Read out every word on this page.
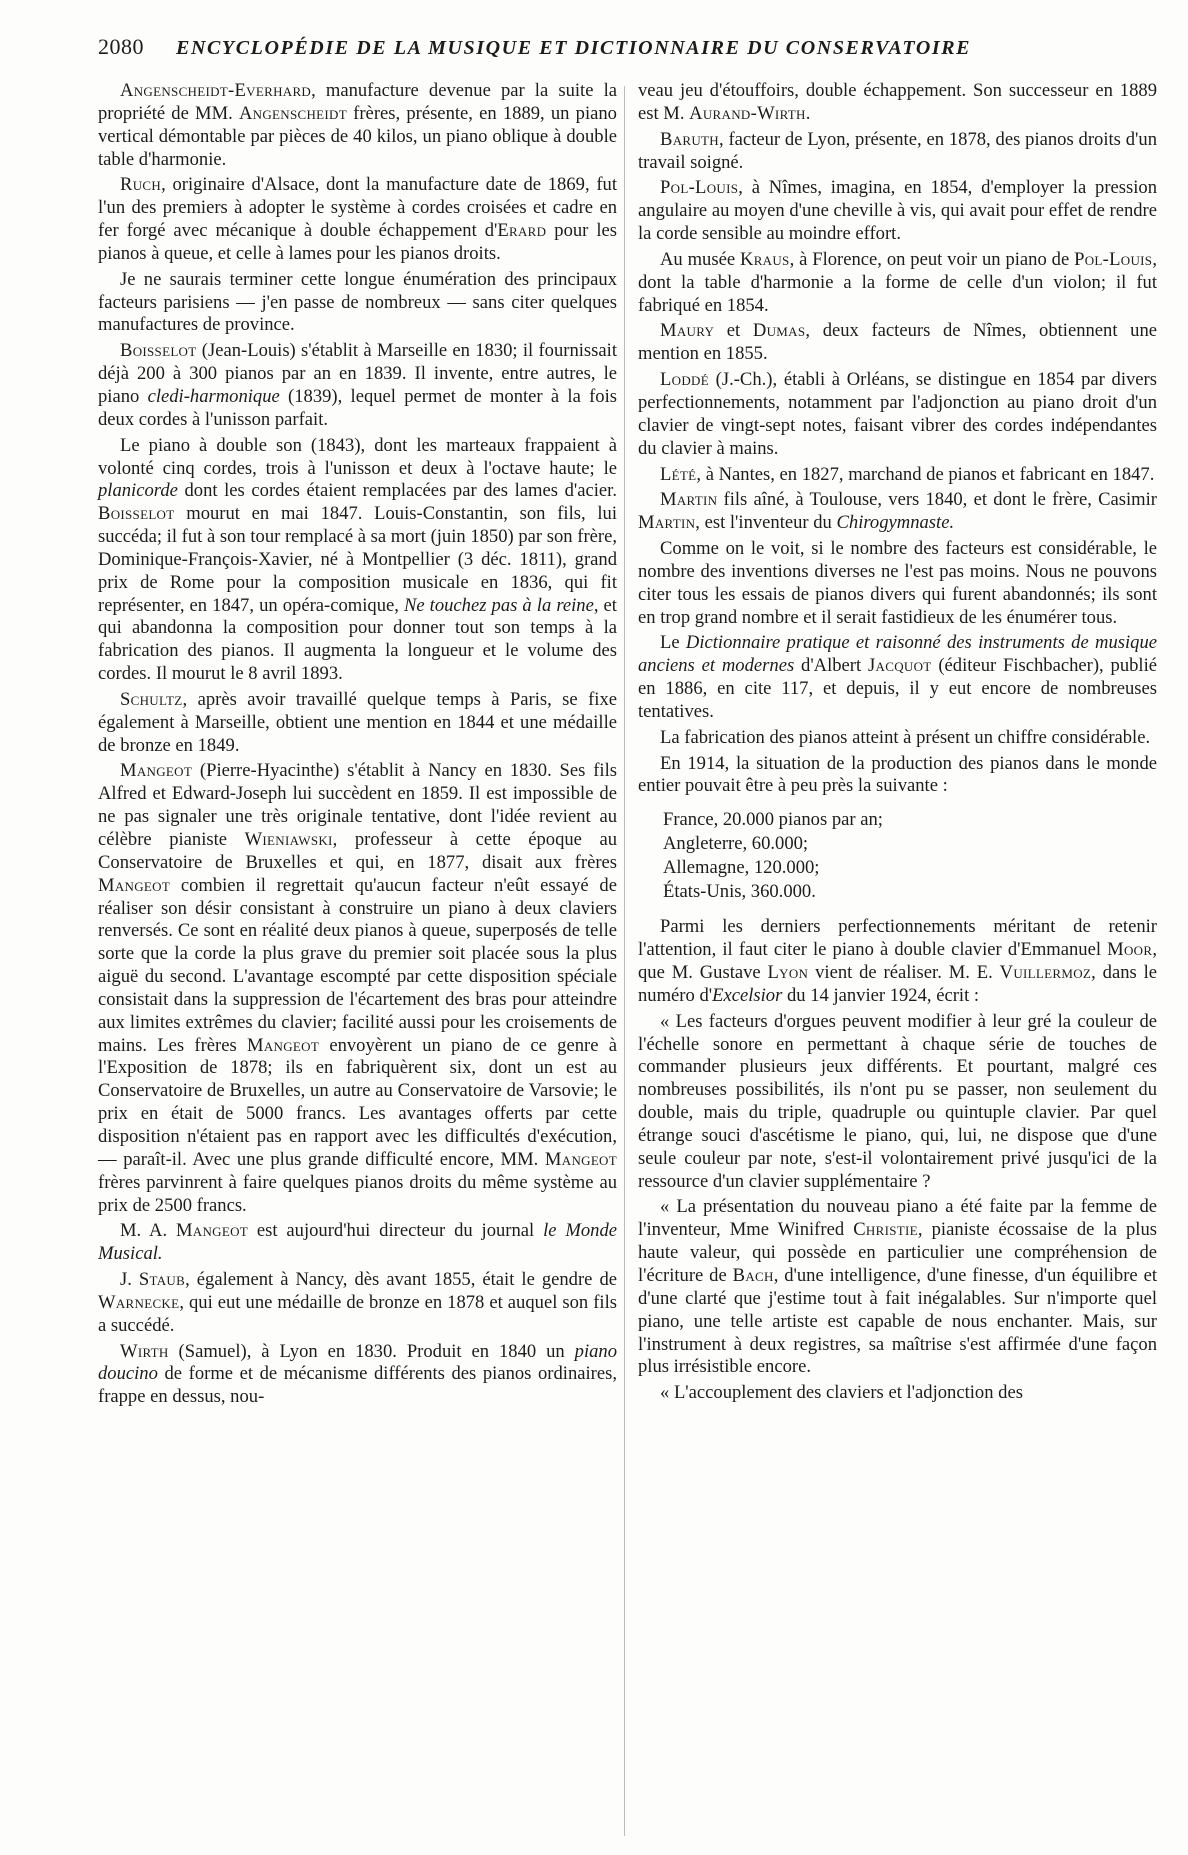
2080 ENCYCLOPÉDIE DE LA MUSIQUE ET DICTIONNAIRE DU CONSERVATOIRE

Angenscheidt-Everhard, manufacture devenue par la suite la propriété de MM. Angenscheidt frères, présente, en 1889, un piano vertical démontable par pièces de 40 kilos, un piano oblique à double table d'harmonie.

Ruch, originaire d'Alsace, dont la manufacture date de 1869, fut l'un des premiers à adopter le système à cordes croisées et cadre en fer forgé avec mécanique à double échappement d'Erard pour les pianos à queue, et celle à lames pour les pianos droits.

Je ne saurais terminer cette longue énumération des principaux facteurs parisiens — j'en passe de nombreux — sans citer quelques manufactures de province.

Boisselot (Jean-Louis) s'établit à Marseille en 1830; il fournissait déjà 200 à 300 pianos par an en 1839. Il invente, entre autres, le piano cledi-harmonique (1839), lequel permet de monter à la fois deux cordes à l'unisson parfait.

Le piano à double son (1843), dont les marteaux frappaient à volonté cinq cordes, trois à l'unisson et deux à l'octave haute; le planicorde dont les cordes étaient remplacées par des lames d'acier. Boisselot mourut en mai 1847. Louis-Constantin, son fils, lui succéda; il fut à son tour remplacé à sa mort (juin 1850) par son frère, Dominique-François-Xavier, né à Montpellier (3 déc. 1811), grand prix de Rome pour la composition musicale en 1836, qui fit représenter, en 1847, un opéra-comique, Ne touchez pas à la reine, et qui abandonna la composition pour donner tout son temps à la fabrication des pianos. Il augmenta la longueur et le volume des cordes. Il mourut le 8 avril 1893.

Schultz, après avoir travaillé quelque temps à Paris, se fixe également à Marseille, obtient une mention en 1844 et une médaille de bronze en 1849.

Mangeot (Pierre-Hyacinthe) s'établit à Nancy en 1830. Ses fils Alfred et Edward-Joseph lui succèdent en 1859. Il est impossible de ne pas signaler une très originale tentative, dont l'idée revient au célèbre pianiste Wieniawski, professeur à cette époque au Conservatoire de Bruxelles et qui, en 1877, disait aux frères Mangeot combien il regrettait qu'aucun facteur n'eût essayé de réaliser son désir consistant à construire un piano à deux claviers renversés. Ce sont en réalité deux pianos à queue, superposés de telle sorte que la corde la plus grave du premier soit placée sous la plus aiguë du second. L'avantage escompté par cette disposition spéciale consistait dans la suppression de l'écartement des bras pour atteindre aux limites extrêmes du clavier; facilité aussi pour les croisements de mains. Les frères Mangeot envoyèrent un piano de ce genre à l'Exposition de 1878; ils en fabriquèrent six, dont un est au Conservatoire de Bruxelles, un autre au Conservatoire de Varsovie; le prix en était de 5000 francs. Les avantages offerts par cette disposition n'étaient pas en rapport avec les difficultés d'exécution, — paraît-il. Avec une plus grande difficulté encore, MM. Mangeot frères parvinrent à faire quelques pianos droits du même système au prix de 2500 francs.

M. A. Mangeot est aujourd'hui directeur du journal le Monde Musical.

J. Staub, également à Nancy, dès avant 1855, était le gendre de Warnecke, qui eut une médaille de bronze en 1878 et auquel son fils a succédé.

Wirth (Samuel), à Lyon en 1830. Produit en 1840 un piano doucino de forme et de mécanisme différents des pianos ordinaires, frappe en dessus, nou-

veau jeu d'étouffoirs, double échappement. Son successeur en 1889 est M. Aurand-Wirth.

Baruth, facteur de Lyon, présente, en 1878, des pianos droits d'un travail soigné.

Pol-Louis, à Nîmes, imagina, en 1854, d'employer la pression angulaire au moyen d'une cheville à vis, qui avait pour effet de rendre la corde sensible au moindre effort.

Au musée Kraus, à Florence, on peut voir un piano de Pol-Louis, dont la table d'harmonie a la forme de celle d'un violon; il fut fabriqué en 1854.

Maury et Dumas, deux facteurs de Nîmes, obtiennent une mention en 1855.

Loddé (J.-Ch.), établi à Orléans, se distingue en 1854 par divers perfectionnements, notamment par l'adjonction au piano droit d'un clavier de vingt-sept notes, faisant vibrer des cordes indépendantes du clavier à mains.

Lété, à Nantes, en 1827, marchand de pianos et fabricant en 1847.

Martin fils aîné, à Toulouse, vers 1840, et dont le frère, Casimir Martin, est l'inventeur du Chirogymnaste.

Comme on le voit, si le nombre des facteurs est considérable, le nombre des inventions diverses ne l'est pas moins. Nous ne pouvons citer tous les essais de pianos divers qui furent abandonnés; ils sont en trop grand nombre et il serait fastidieux de les énumérer tous.

Le Dictionnaire pratique et raisonné des instruments de musique anciens et modernes d'Albert Jacquot (éditeur Fischbacher), publié en 1886, en cite 117, et depuis, il y eut encore de nombreuses tentatives.

La fabrication des pianos atteint à présent un chiffre considérable.

En 1914, la situation de la production des pianos dans le monde entier pouvait être à peu près la suivante :

France, 20.000 pianos par an;
Angleterre, 60.000;
Allemagne, 120.000;
États-Unis, 360.000.

Parmi les derniers perfectionnements méritant de retenir l'attention, il faut citer le piano à double clavier d'Emmanuel Moor, que M. Gustave Lyon vient de réaliser. M. E. Vuillermoz, dans le numéro d'Excelsior du 14 janvier 1924, écrit :

« Les facteurs d'orgues peuvent modifier à leur gré la couleur de l'échelle sonore en permettant à chaque série de touches de commander plusieurs jeux différents. Et pourtant, malgré ces nombreuses possibilités, ils n'ont pu se passer, non seulement du double, mais du triple, quadruple ou quintuple clavier. Par quel étrange souci d'ascétisme le piano, qui, lui, ne dispose que d'une seule couleur par note, s'est-il volontairement privé jusqu'ici de la ressource d'un clavier supplémentaire ?

« La présentation du nouveau piano a été faite par la femme de l'inventeur, Mme Winifred Christie, pianiste écossaise de la plus haute valeur, qui possède en particulier une compréhension de l'écriture de Bach, d'une intelligence, d'une finesse, d'un équilibre et d'une clarté que j'estime tout à fait inégalables. Sur n'importe quel piano, une telle artiste est capable de nous enchanter. Mais, sur l'instrument à deux registres, sa maîtrise s'est affirmée d'une façon plus irrésistible encore.

« L'accouplement des claviers et l'adjonction des
